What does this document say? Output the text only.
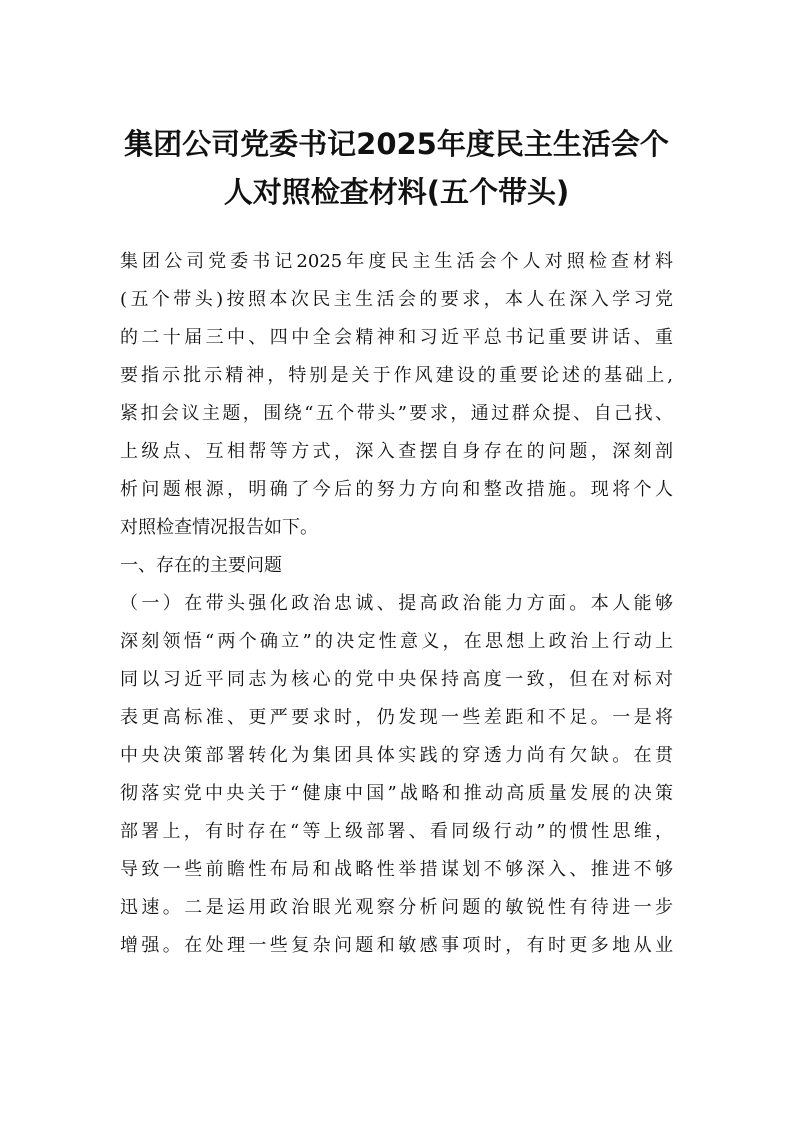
集团公司党委书记2025年度民主生活会个
人对照检查材料(五个带头)
集团公司党委书记2025年度民主生活会个人对照检查材料
(五个带头)按照本次民主生活会的要求，本人在深入学习党
的二十届三中、四中全会精神和习近平总书记重要讲话、重
要指示批示精神，特别是关于作风建设的重要论述的基础上,
紧扣会议主题，围绕“五个带头”要求，通过群众提、自己找、
上级点、互相帮等方式，深入查摆自身存在的问题，深刻剖
析问题根源，明确了今后的努力方向和整改措施。现将个人
对照检查情况报告如下。
一、存在的主要问题
（一）在带头强化政治忠诚、提高政治能力方面。本人能够
深刻领悟“两个确立”的决定性意义，在思想上政治上行动上
同以习近平同志为核心的党中央保持高度一致，但在对标对
表更高标准、更严要求时，仍发现一些差距和不足。一是将
中央决策部署转化为集团具体实践的穿透力尚有欠缺。在贯
彻落实党中央关于“健康中国”战略和推动高质量发展的决策
部署上，有时存在“等上级部署、看同级行动”的惯性思维，
导致一些前瞻性布局和战略性举措谋划不够深入、推进不够
迅速。二是运用政治眼光观察分析问题的敏锐性有待进一步
增强。在处理一些复杂问题和敏感事项时，有时更多地从业
